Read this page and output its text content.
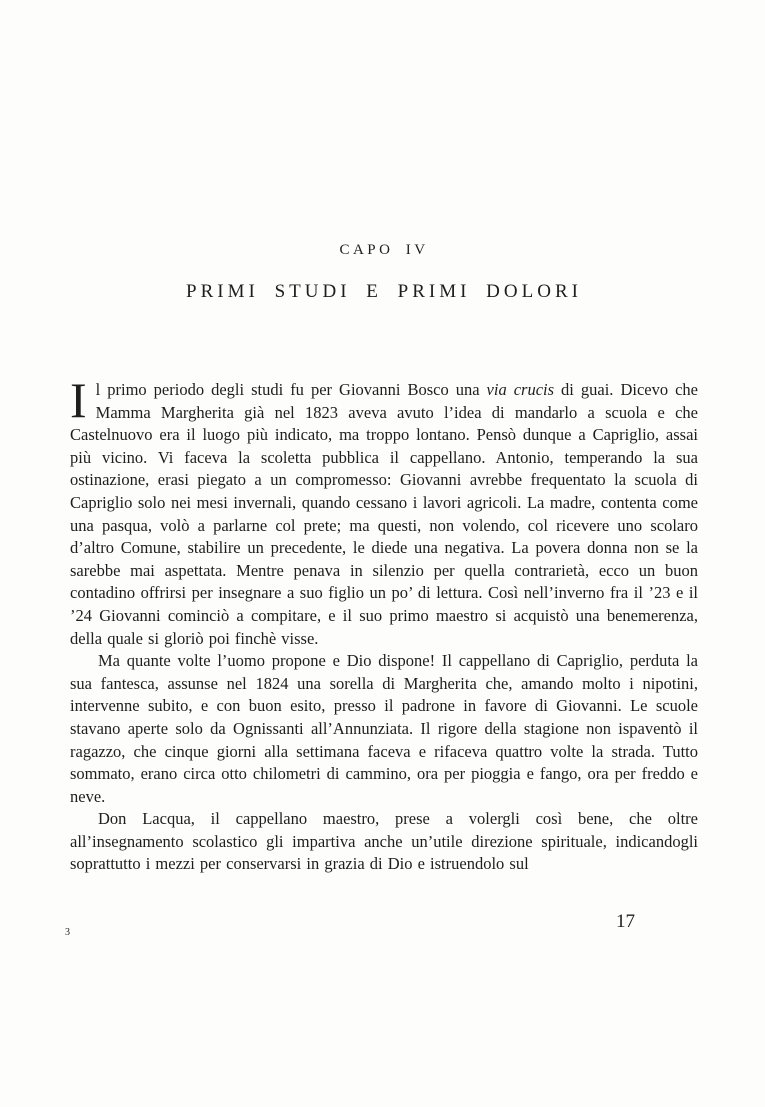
CAPO IV
PRIMI STUDI E PRIMI DOLORI

Il primo periodo degli studi fu per Giovanni Bosco una via crucis di guai. Dicevo che Mamma Margherita già nel 1823 aveva avuto l’idea di mandarlo a scuola e che Castelnuovo era il luogo più indicato, ma troppo lontano. Pensò dunque a Capriglio, assai più vicino. Vi faceva la scoletta pubblica il cappellano. Antonio, temperando la sua ostinazione, erasi piegato a un compromesso: Giovanni avrebbe frequentato la scuola di Capriglio solo nei mesi invernali, quando cessano i lavori agricoli. La madre, contenta come una pasqua, volò a parlarne col prete; ma questi, non volendo, col ricevere uno scolaro d’altro Comune, stabilire un precedente, le diede una negativa. La povera donna non se la sarebbe mai aspettata. Mentre penava in silenzio per quella contrarietà, ecco un buon contadino offrirsi per insegnare a suo figlio un po’ di lettura. Così nell’inverno fra il ’23 e il ’24 Giovanni cominciò a compitare, e il suo primo maestro si acquistò una benemerenza, della quale si gloriò poi finchè visse.

Ma quante volte l’uomo propone e Dio dispone! Il cappellano di Capriglio, perduta la sua fantesca, assunse nel 1824 una sorella di Margherita che, amando molto i nipotini, intervenne subito, e con buon esito, presso il padrone in favore di Giovanni. Le scuole stavano aperte solo da Ognissanti all’Annunziata. Il rigore della stagione non ispaventò il ragazzo, che cinque giorni alla settimana faceva e rifaceva quattro volte la strada. Tutto sommato, erano circa otto chilometri di cammino, ora per pioggia e fango, ora per freddo e neve.

Don Lacqua, il cappellano maestro, prese a volergli così bene, che oltre all’insegnamento scolastico gli impartiva anche un’utile direzione spirituale, indicandogli soprattutto i mezzi per conservarsi in grazia di Dio e istruendolo sul

3
17
